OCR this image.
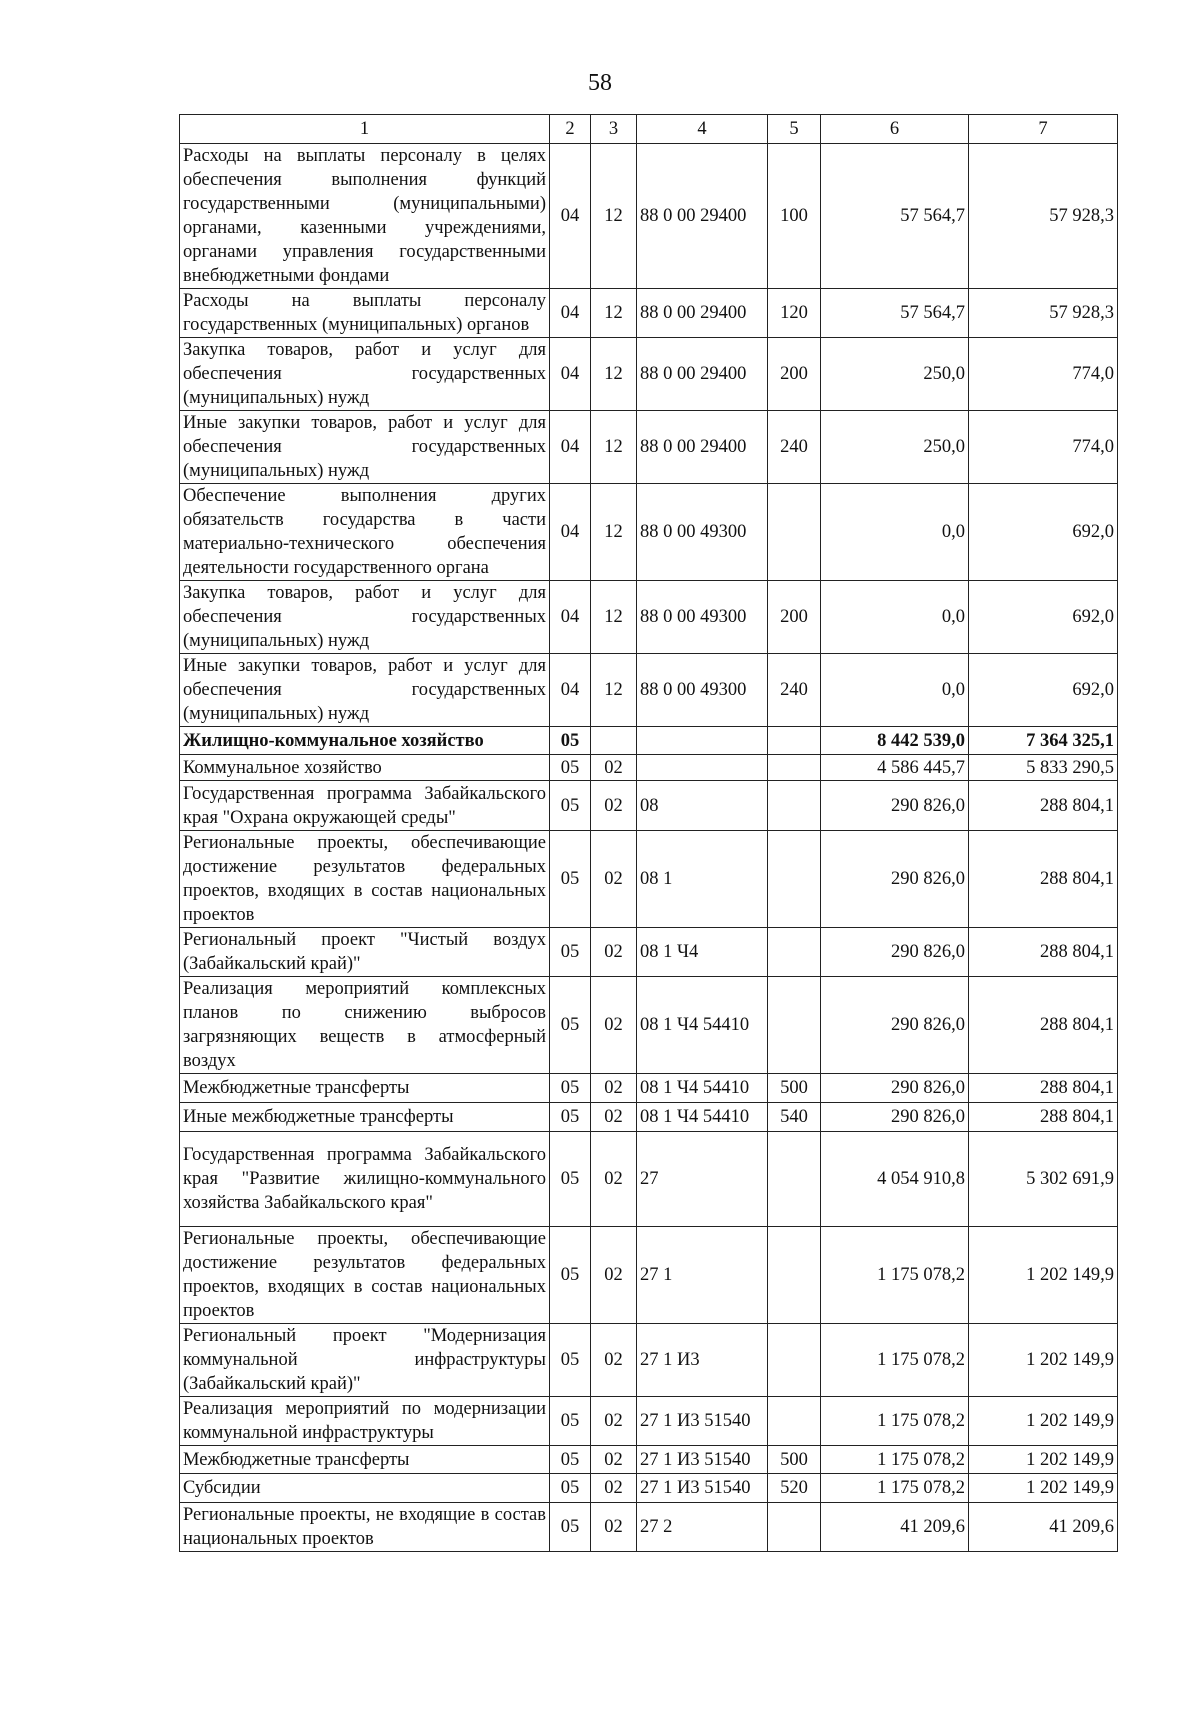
58
1	2	3	4	5	6	7
Расходы на выплаты персоналу в целях обеспечения выполнения функций государственными (муниципальными) органами, казенными учреждениями, органами управления государственными внебюджетными фондами	04	12	88 0 00 29400	100	57 564,7	57 928,3
Расходы на выплаты персоналу государственных (муниципальных) органов	04	12	88 0 00 29400	120	57 564,7	57 928,3
Закупка товаров, работ и услуг для обеспечения государственных (муниципальных) нужд	04	12	88 0 00 29400	200	250,0	774,0
Иные закупки товаров, работ и услуг для обеспечения государственных (муниципальных) нужд	04	12	88 0 00 29400	240	250,0	774,0
Обеспечение выполнения других обязательств государства в части материально-технического обеспечения деятельности государственного органа	04	12	88 0 00 49300		0,0	692,0
Закупка товаров, работ и услуг для обеспечения государственных (муниципальных) нужд	04	12	88 0 00 49300	200	0,0	692,0
Иные закупки товаров, работ и услуг для обеспечения государственных (муниципальных) нужд	04	12	88 0 00 49300	240	0,0	692,0
Жилищно-коммунальное хозяйство	05				8 442 539,0	7 364 325,1
Коммунальное хозяйство	05	02			4 586 445,7	5 833 290,5
Государственная программа Забайкальского края "Охрана окружающей среды"	05	02	08		290 826,0	288 804,1
Региональные проекты, обеспечивающие достижение результатов федеральных проектов, входящих в состав национальных проектов	05	02	08 1		290 826,0	288 804,1
Региональный проект "Чистый воздух (Забайкальский край)"	05	02	08 1 Ч4		290 826,0	288 804,1
Реализация мероприятий комплексных планов по снижению выбросов загрязняющих веществ в атмосферный воздух	05	02	08 1 Ч4 54410		290 826,0	288 804,1
Межбюджетные трансферты	05	02	08 1 Ч4 54410	500	290 826,0	288 804,1
Иные межбюджетные трансферты	05	02	08 1 Ч4 54410	540	290 826,0	288 804,1
Государственная программа Забайкальского края "Развитие жилищно-коммунального хозяйства Забайкальского края"	05	02	27		4 054 910,8	5 302 691,9
Региональные проекты, обеспечивающие достижение результатов федеральных проектов, входящих в состав национальных проектов	05	02	27 1		1 175 078,2	1 202 149,9
Региональный проект "Модернизация коммунальной инфраструктуры (Забайкальский край)"	05	02	27 1 И3		1 175 078,2	1 202 149,9
Реализация мероприятий по модернизации коммунальной инфраструктуры	05	02	27 1 И3 51540		1 175 078,2	1 202 149,9
Межбюджетные трансферты	05	02	27 1 И3 51540	500	1 175 078,2	1 202 149,9
Субсидии	05	02	27 1 И3 51540	520	1 175 078,2	1 202 149,9
Региональные проекты, не входящие в состав национальных проектов	05	02	27 2		41 209,6	41 209,6
